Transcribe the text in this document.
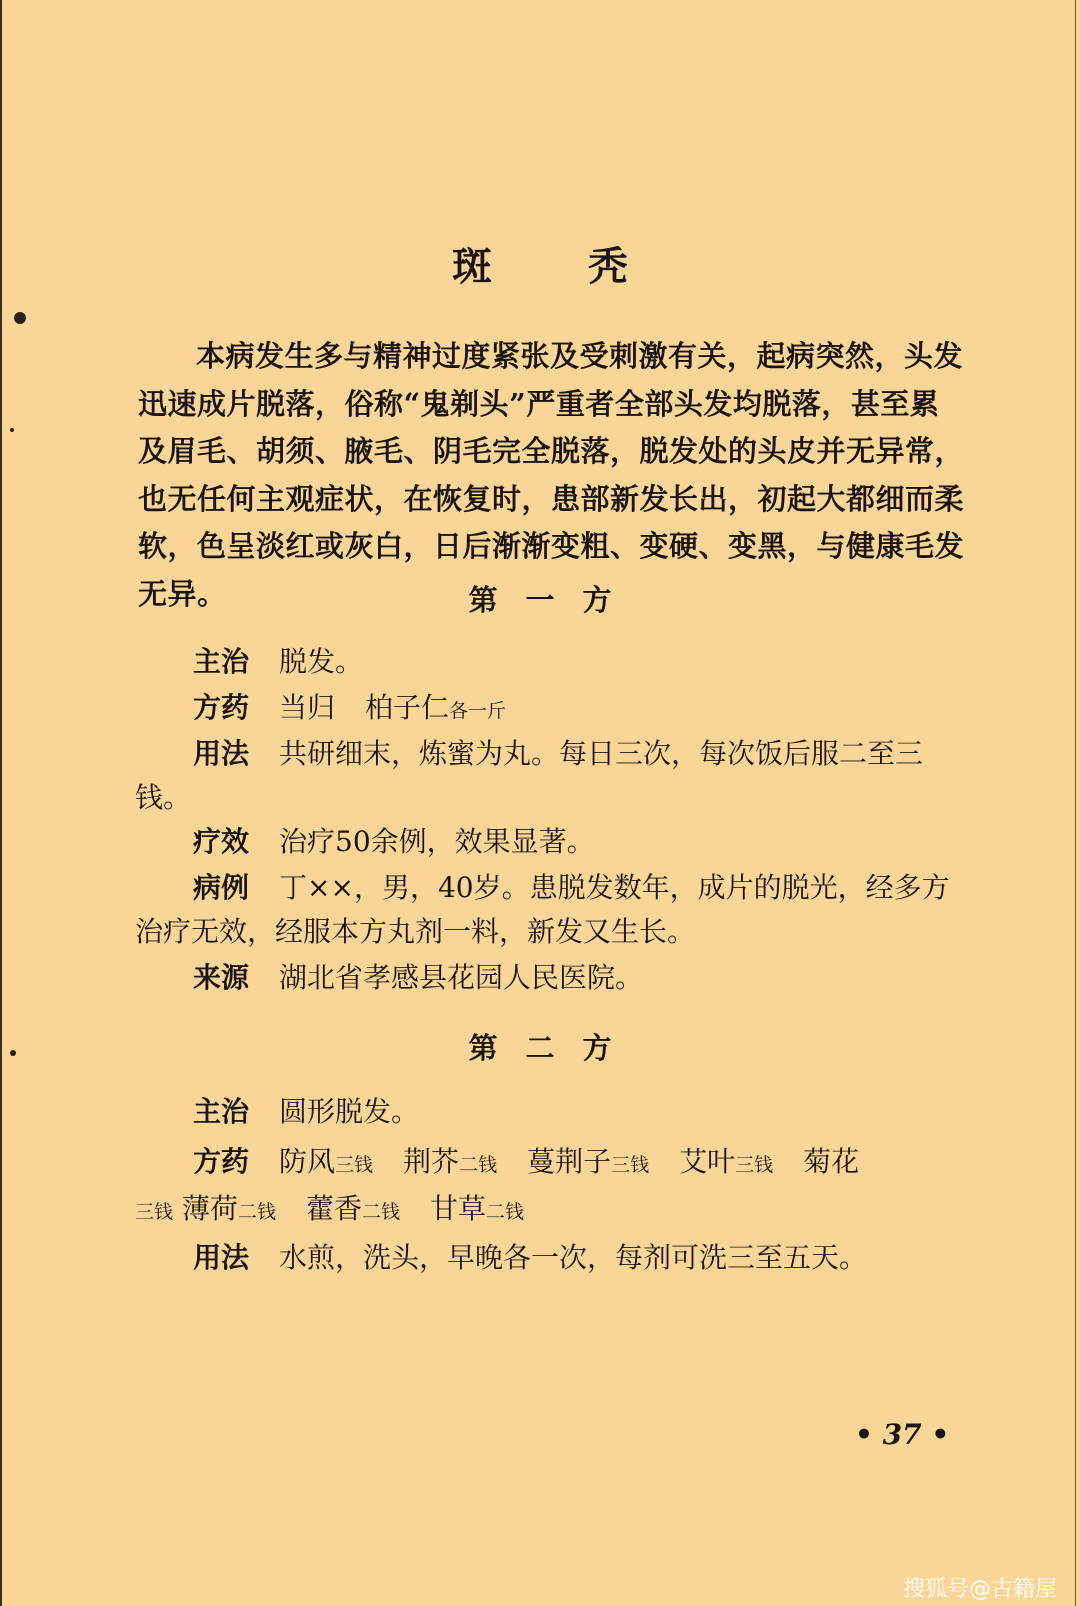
斑秃

本病发生多与精神过度紧张及受刺激有关，起病突然，头发迅速成片脱落，俗称“鬼剃头”严重者全部头发均脱落，甚至累及眉毛、胡须、腋毛、阴毛完全脱落，脱发处的头皮并无异常，也无任何主观症状，在恢复时，患部新发长出，初起大都细而柔软，色呈淡红或灰白，日后渐渐变粗、变硬、变黑，与健康毛发无异。	第一方
主治 脱发。
方药 当归 柏子仁各一斤
用法 共研细末，炼蜜为丸。每日三次，每次饭后服二至三钱。
疗效 治疗50余例，效果显著。
病例 丁××，男，40岁。患脱发数年，成片的脱光，经多方治疗无效，经服本方丸剂一料，新发又生长。
来源 湖北省孝感县花园人民医院。
第二方
主治 圆形脱发。
方药 防风三钱 荆芥二钱 蔓荆子三钱 艾叶三钱 菊花
三钱 薄荷二钱 藿香二钱 甘草二钱
用法 水煎，洗头，早晚各一次，每剂可洗三至五天。
• 37 •
搜狐号@古籍屋
